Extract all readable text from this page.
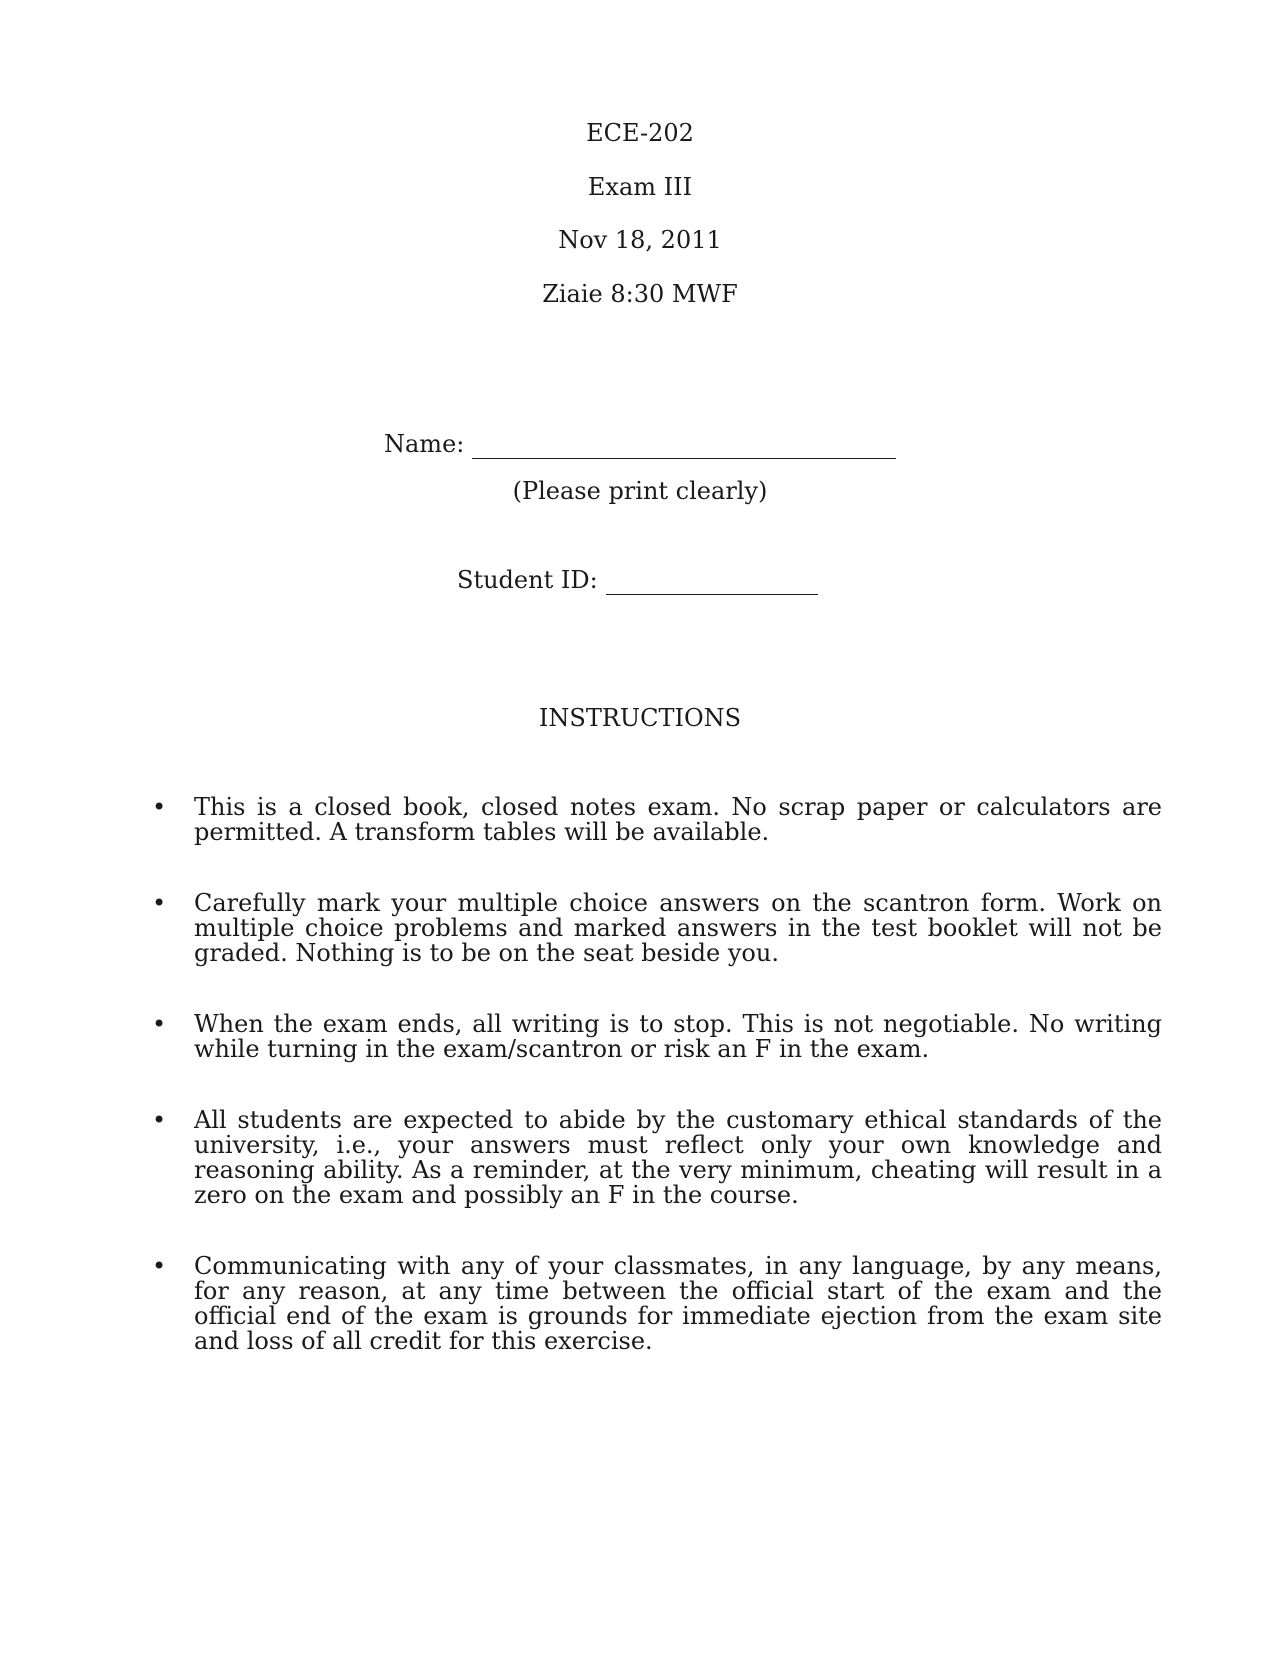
ECE-202
Exam III
Nov 18, 2011
Ziaie 8:30 MWF
Name:
(Please print clearly)
Student ID:
INSTRUCTIONS
• This is a closed book, closed notes exam. No scrap paper or calculators are permitted. A transform tables will be available.
• Carefully mark your multiple choice answers on the scantron form. Work on multiple choice problems and marked answers in the test booklet will not be graded. Nothing is to be on the seat beside you.
• When the exam ends, all writing is to stop. This is not negotiable. No writing while turning in the exam/scantron or risk an F in the exam.
• All students are expected to abide by the customary ethical standards of the university, i.e., your answers must reflect only your own knowledge and reasoning ability. As a reminder, at the very minimum, cheating will result in a zero on the exam and possibly an F in the course.
• Communicating with any of your classmates, in any language, by any means, for any reason, at any time between the official start of the exam and the official end of the exam is grounds for immediate ejection from the exam site and loss of all credit for this exercise.
